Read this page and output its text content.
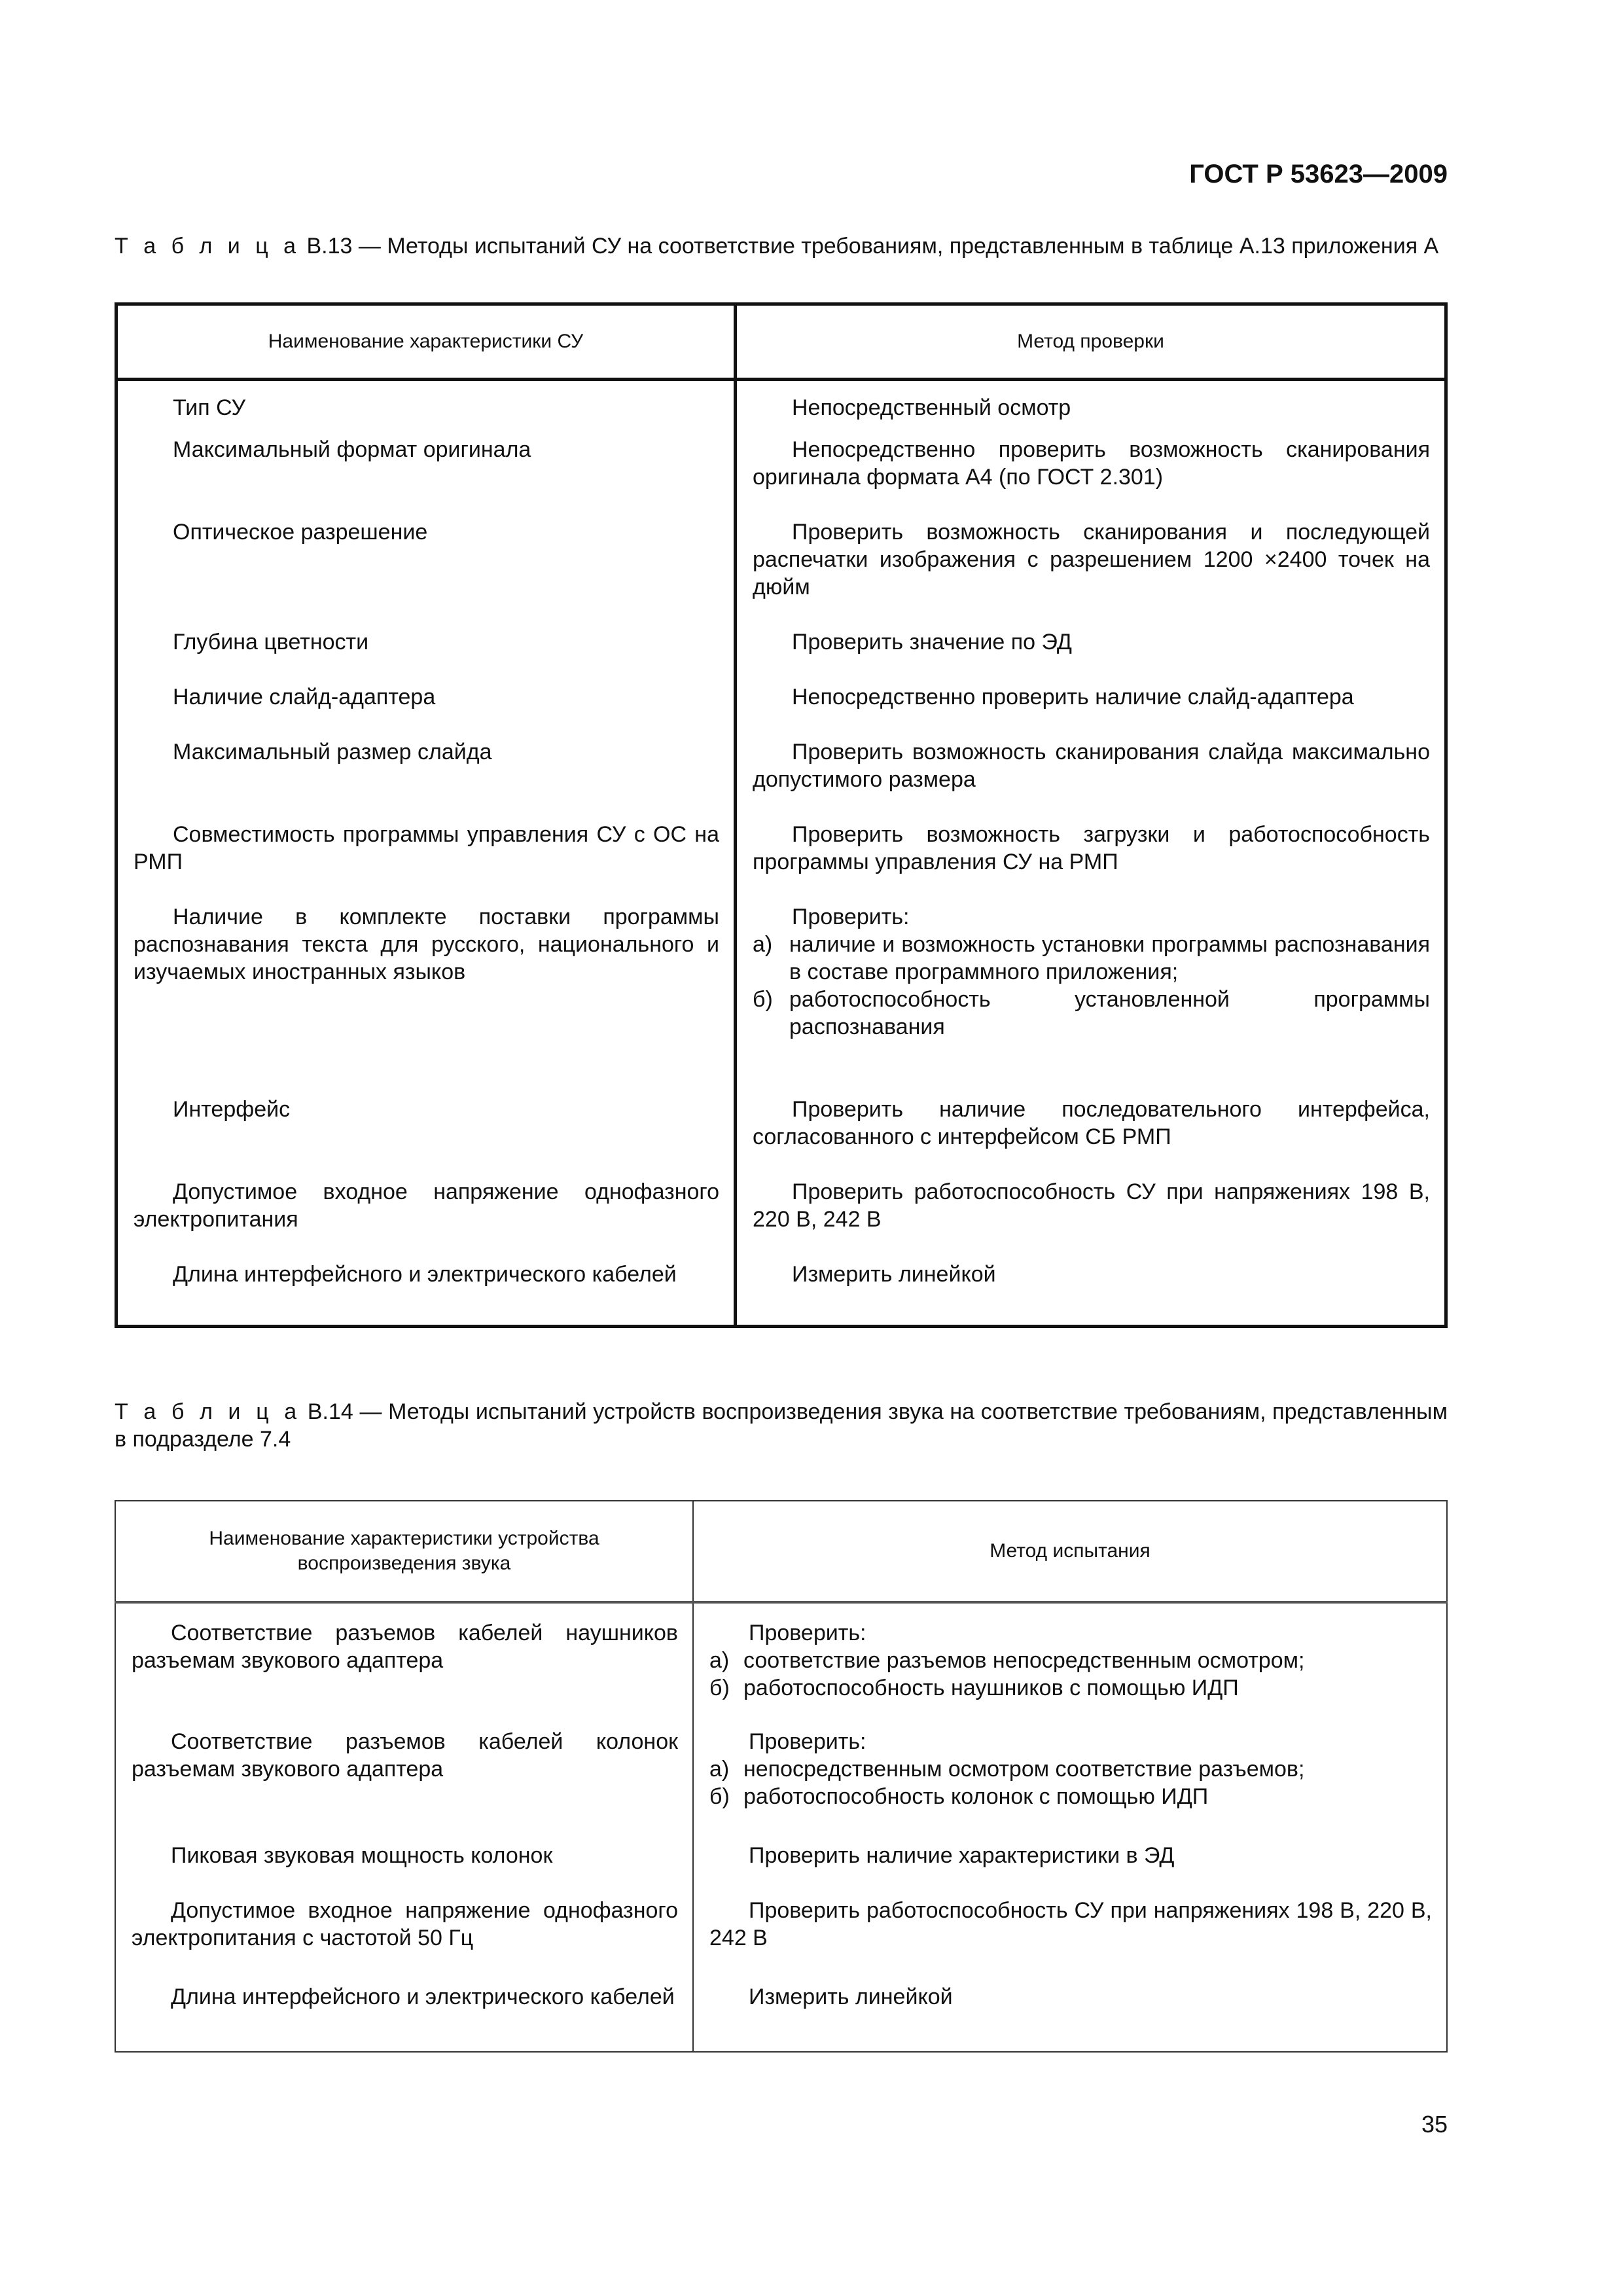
ГОСТ Р 53623—2009
Т а б л и ц а В.13 — Методы испытаний СУ на соответствие требованиям, представленным в таблице А.13 приложения А
Наименование характеристики СУ	Метод проверки

Тип СУ	Непосредственный осмотр

Максимальный формат оригинала	Непосредственно проверить возможность сканирования оригинала формата А4 (по ГОСТ 2.301)

Оптическое разрешение	Проверить возможность сканирования и последующей распечатки изображения с разрешением 1200 ×2400 точек на дюйм

Глубина цветности	Проверить значение по ЭД

Наличие слайд-адаптера	Непосредственно проверить наличие слайд-адаптера

Максимальный размер слайда	Проверить возможность сканирования слайда максимально допустимого размера

Совместимость программы управления СУ с ОС на РМП	Проверить возможность загрузки и работоспособность программы управления СУ на РМП

Наличие в комплекте поставки программы распознавания текста для русского, национального и изучаемых иностранных языков	Проверить:

а) наличие и возможность установки программы распознавания в составе программного приложения;
б) работоспособность установленной программы распознавания

Интерфейс	Проверить наличие последовательного интерфейса, согласованного с интерфейсом СБ РМП

Допустимое входное напряжение однофазного электропитания	Проверить работоспособность СУ при напряжениях 198 В, 220 В, 242 В

Длина интерфейсного и электрического кабелей	Измерить линейкой

Т а б л и ц а В.14 — Методы испытаний устройств воспроизведения звука на соответствие требованиям, представленным в подразделе 7.4
Наименование характеристики устройства воспроизведения звука	Метод испытания

Соответствие разъемов кабелей наушников разъемам звукового адаптера	Проверить:

а) соответствие разъемов непосредственным осмотром;
б) работоспособность наушников с помощью ИДП

Соответствие разъемов кабелей колонок разъемам звукового адаптера	Проверить:

а) непосредственным осмотром соответствие разъемов;
б) работоспособность колонок с помощью ИДП

Пиковая звуковая мощность колонок	Проверить наличие характеристики в ЭД

Допустимое входное напряжение однофазного электропитания с частотой 50 Гц	Проверить работоспособность СУ при напряжениях 198 В, 220 В, 242 В

Длина интерфейсного и электрического кабелей	Измерить линейкой

35
